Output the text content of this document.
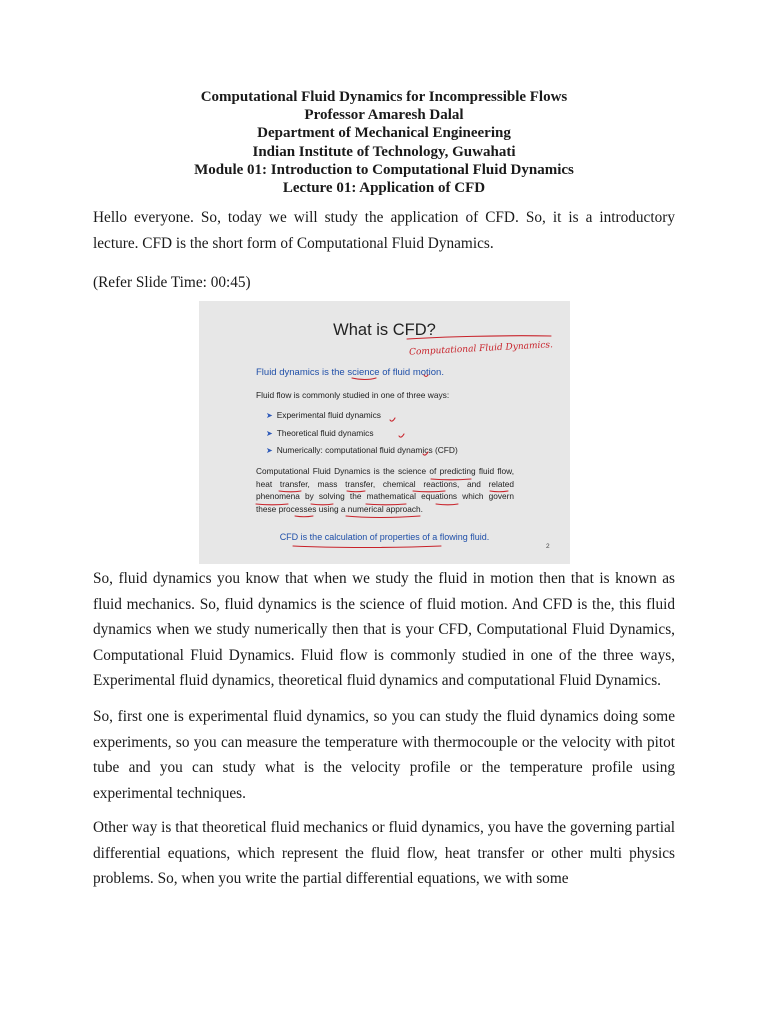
Computational Fluid Dynamics for Incompressible Flows
Professor Amaresh Dalal
Department of Mechanical Engineering
Indian Institute of Technology, Guwahati
Module 01: Introduction to Computational Fluid Dynamics
Lecture 01: Application of CFD

Hello everyone. So, today we will study the application of CFD. So, it is a introductory lecture. CFD is the short form of Computational Fluid Dynamics.

(Refer Slide Time: 00:45)

What is CFD?
Computational Fluid Dynamics.
Fluid dynamics is the science of fluid motion.
Fluid flow is commonly studied in one of three ways:
➤ Experimental fluid dynamics
➤ Theoretical fluid dynamics
➤ Numerically: computational fluid dynamics (CFD)
Computational Fluid Dynamics is the science of predicting fluid flow,
heat transfer, mass transfer, chemical reactions, and related
phenomena by solving the mathematical equations which govern
these processes using a numerical approach.
CFD is the calculation of properties of a flowing fluid.
2

So, fluid dynamics you know that when we study the fluid in motion then that is known as fluid mechanics. So, fluid dynamics is the science of fluid motion. And CFD is the, this fluid dynamics when we study numerically then that is your CFD, Computational Fluid Dynamics, Computational Fluid Dynamics. Fluid flow is commonly studied in one of the three ways, Experimental fluid dynamics, theoretical fluid dynamics and computational Fluid Dynamics.

So, first one is experimental fluid dynamics, so you can study the fluid dynamics doing some experiments, so you can measure the temperature with thermocouple or the velocity with pitot tube and you can study what is the velocity profile or the temperature profile using experimental techniques.

Other way is that theoretical fluid mechanics or fluid dynamics, you have the governing partial differential equations, which represent the fluid flow, heat transfer or other multi physics problems. So, when you write the partial differential equations, we with some
